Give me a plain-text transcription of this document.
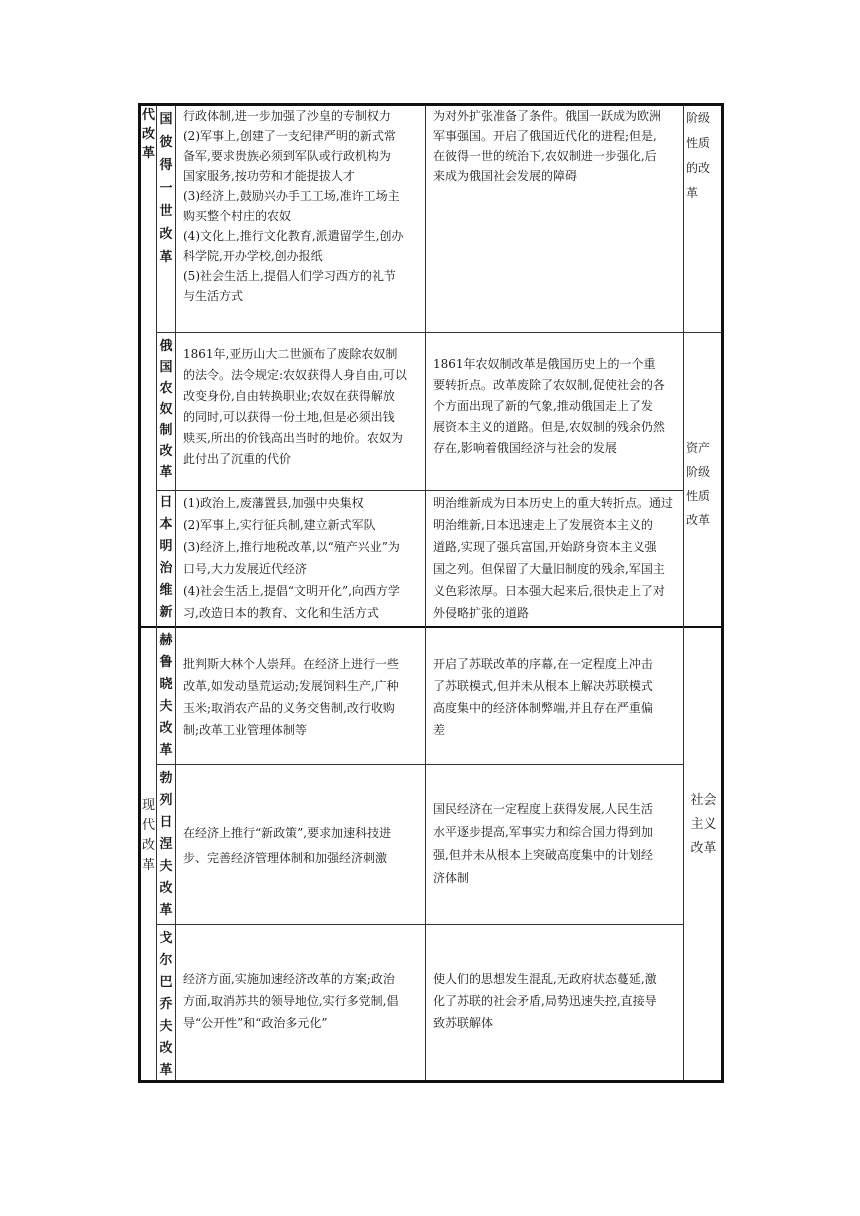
代改革
现代改革
国彼得一世改革
行政体制,进一步加强了沙皇的专制权力
(2)军事上,创建了一支纪律严明的新式常
备军,要求贵族必须到军队或行政机构为
国家服务,按功劳和才能提拔人才
(3)经济上,鼓励兴办手工工场,准许工场主
购买整个村庄的农奴
(4)文化上,推行文化教育,派遣留学生,创办
科学院,开办学校,创办报纸
(5)社会生活上,提倡人们学习西方的礼节
与生活方式
为对外扩张准备了条件。俄国一跃成为欧洲
军事强国。开启了俄国近代化的进程;但是,
在彼得一世的统治下,农奴制进一步强化,后
来成为俄国社会发展的障碍
阶级性质的改革
俄国农奴制改革
1861年,亚历山大二世颁布了废除农奴制
的法令。法令规定:农奴获得人身自由,可以
改变身份,自由转换职业;农奴在获得解放
的同时,可以获得一份土地,但是必须出钱
赎买,所出的价钱高出当时的地价。农奴为
此付出了沉重的代价
1861年农奴制改革是俄国历史上的一个重
要转折点。改革废除了农奴制,促使社会的各
个方面出现了新的气象,推动俄国走上了发
展资本主义的道路。但是,农奴制的残余仍然
存在,影响着俄国经济与社会的发展	资产阶级性质改革
日本明治维新
(1)政治上,废藩置县,加强中央集权
(2)军事上,实行征兵制,建立新式军队
(3)经济上,推行地税改革,以“殖产兴业”为
口号,大力发展近代经济
(4)社会生活上,提倡“文明开化”,向西方学
习,改造日本的教育、文化和生活方式
明治维新成为日本历史上的重大转折点。通过
明治维新,日本迅速走上了发展资本主义的
道路,实现了强兵富国,开始跻身资本主义强
国之列。但保留了大量旧制度的残余,军国主
义色彩浓厚。日本强大起来后,很快走上了对
外侵略扩张的道路
赫鲁晓夫改革
批判斯大林个人崇拜。在经济上进行一些
改革,如发动垦荒运动;发展饲料生产,广种
玉米;取消农产品的义务交售制,改行收购
制;改革工业管理体制等
开启了苏联改革的序幕,在一定程度上冲击
了苏联模式,但并未从根本上解决苏联模式
高度集中的经济体制弊端,并且存在严重偏
差
勃列日涅夫改革
在经济上推行“新政策”,要求加速科技进
步、完善经济管理体制和加强经济刺激
国民经济在一定程度上获得发展,人民生活
水平逐步提高,军事实力和综合国力得到加
强,但并未从根本上突破高度集中的计划经
济体制
社会主义改革
戈尔巴乔夫改革
经济方面,实施加速经济改革的方案;政治
方面,取消苏共的领导地位,实行多党制,倡
导“公开性”和“政治多元化”
使人们的思想发生混乱,无政府状态蔓延,激
化了苏联的社会矛盾,局势迅速失控,直接导
致苏联解体
